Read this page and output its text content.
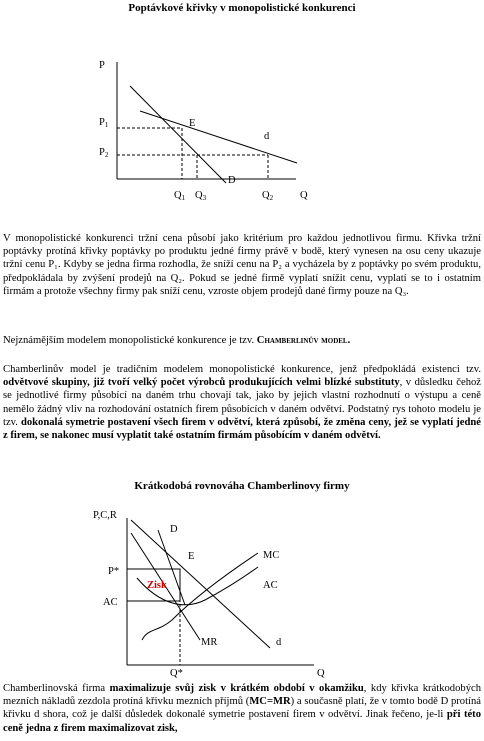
Poptávkové křivky v monopolistické konkurenci
P
P1
P2
E
d
D
Q1 Q3	Q2	Q

V monopolistické konkurenci tržní cena působí jako kritérium pro každou jednotlivou firmu. Křivka tržní poptávky protíná křivky poptávky po produktu jedné firmy právě v bodě, který vynesen na osu ceny ukazuje tržní cenu P₁. Kdyby se jedna firma rozhodla, že sníží cenu na P₂ a vycházela by z poptávky po svém produktu, předpokládala by zvýšení prodejů na Q₂. Pokud se jedné firmě vyplatí snížit cenu, vyplatí se to i ostatním firmám a protože všechny firmy pak sníží cenu, vzroste objem prodejů dané firmy pouze na Q₃.

Nejznámějším modelem monopolistické konkurence je tzv. Chamberlinův model.

Chamberlinův model je tradičním modelem monopolistické konkurence, jenž předpokládá existenci tzv. odvětvové skupiny, již tvoří velký počet výrobců produkujících velmi blízké substituty, v důsledku čehož se jednotlivé firmy působící na daném trhu chovají tak, jako by jejich vlastní rozhodnutí o výstupu a ceně nemělo žádný vliv na rozhodování ostatních firem působících v daném odvětví. Podstatný rys tohoto modelu je tzv. dokonalá symetrie postavení všech firem v odvětví, která způsobí, že změna ceny, jež se vyplatí jedné z firem, se nakonec musí vyplatit také ostatním firmám působícím v daném odvětví.

Krátkodobá rovnováha Chamberlinovy firmy
P,C,R
P*
AC
D
E	MC
AC
Zisk
MR	d
Q*	Q

Chamberlinovská firma maximalizuje svůj zisk v krátkém období v okamžiku, kdy křivka krátkodobých mezních nákladů zezdola protíná křivku mezních příjmů (MC=MR) a současně platí, že v tomto bodě D protíná křivku d shora, což je další důsledek dokonalé symetrie postavení firem v odvětví. Jinak řečeno, je-li při této ceně jedna z firem maximalizovat zisk,
